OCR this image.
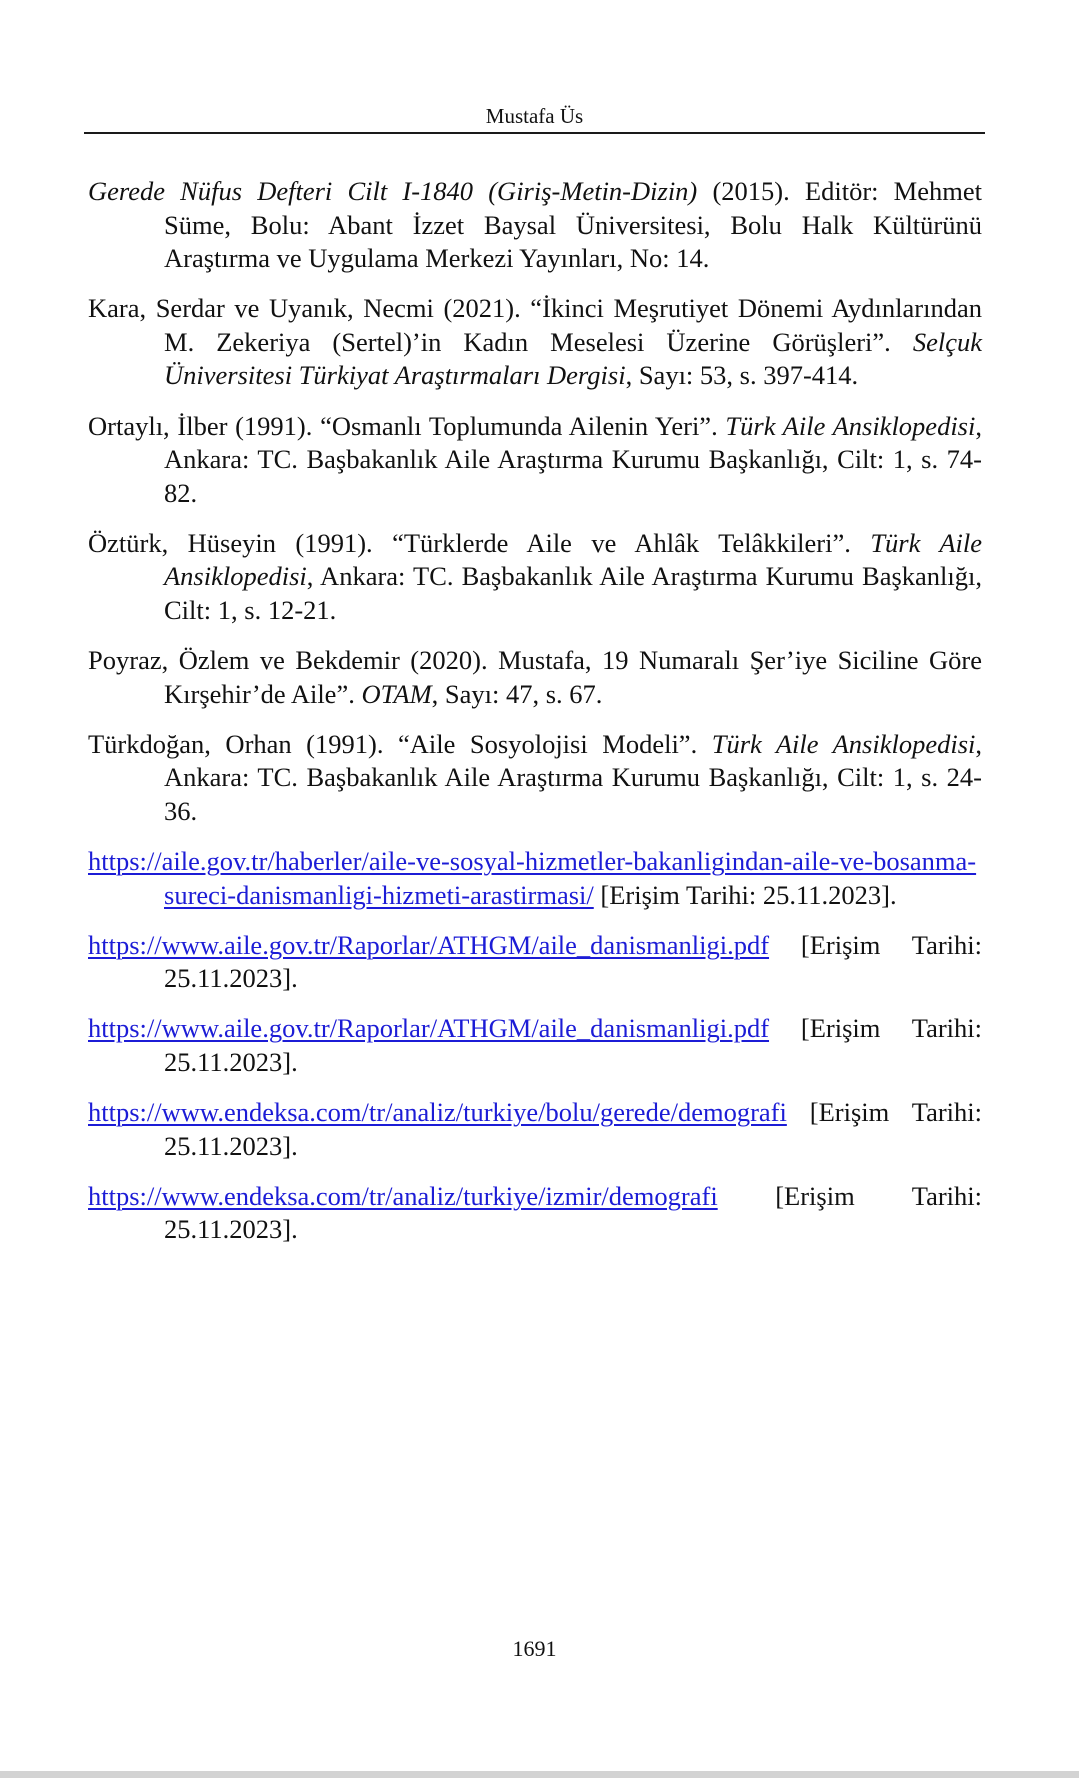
Mustafa Üs

Gerede Nüfus Defteri Cilt I-1840 (Giriş-Metin-Dizin) (2015). Editör: Mehmet Süme, Bolu: Abant İzzet Baysal Üniversitesi, Bolu Halk Kültürünü Araştırma ve Uygulama Merkezi Yayınları, No: 14.

Kara, Serdar ve Uyanık, Necmi (2021). “İkinci Meşrutiyet Dönemi Aydınlarından M. Zekeriya (Sertel)’in Kadın Meselesi Üzerine Görüşleri”. Selçuk Üniversitesi Türkiyat Araştırmaları Dergisi, Sayı: 53, s. 397-414.

Ortaylı, İlber (1991). “Osmanlı Toplumunda Ailenin Yeri”. Türk Aile Ansiklopedisi, Ankara: TC. Başbakanlık Aile Araştırma Kurumu Başkanlığı, Cilt: 1, s. 74-82.

Öztürk, Hüseyin (1991). “Türklerde Aile ve Ahlâk Telâkkileri”. Türk Aile Ansiklopedisi, Ankara: TC. Başbakanlık Aile Araştırma Kurumu Başkanlığı, Cilt: 1, s. 12-21.

Poyraz, Özlem ve Bekdemir (2020). Mustafa, 19 Numaralı Şer’iye Siciline Göre Kırşehir’de Aile”. OTAM, Sayı: 47, s. 67.

Türkdoğan, Orhan (1991). “Aile Sosyolojisi Modeli”. Türk Aile Ansiklopedisi, Ankara: TC. Başbakanlık Aile Araştırma Kurumu Başkanlığı, Cilt: 1, s. 24-36.

https://aile.gov.tr/haberler/aile-ve-sosyal-hizmetler-bakanligindan-aile-ve-bosanma-sureci-danismanligi-hizmeti-arastirmasi/ [Erişim Tarihi: 25.11.2023].

https://www.aile.gov.tr/Raporlar/ATHGM/aile_danismanligi.pdf [Erişim Tarihi: 25.11.2023].

https://www.aile.gov.tr/Raporlar/ATHGM/aile_danismanligi.pdf [Erişim Tarihi: 25.11.2023].

https://www.endeksa.com/tr/analiz/turkiye/bolu/gerede/demografi [Erişim Tarihi: 25.11.2023].

https://www.endeksa.com/tr/analiz/turkiye/izmir/demografi [Erişim Tarihi: 25.11.2023].

1691
